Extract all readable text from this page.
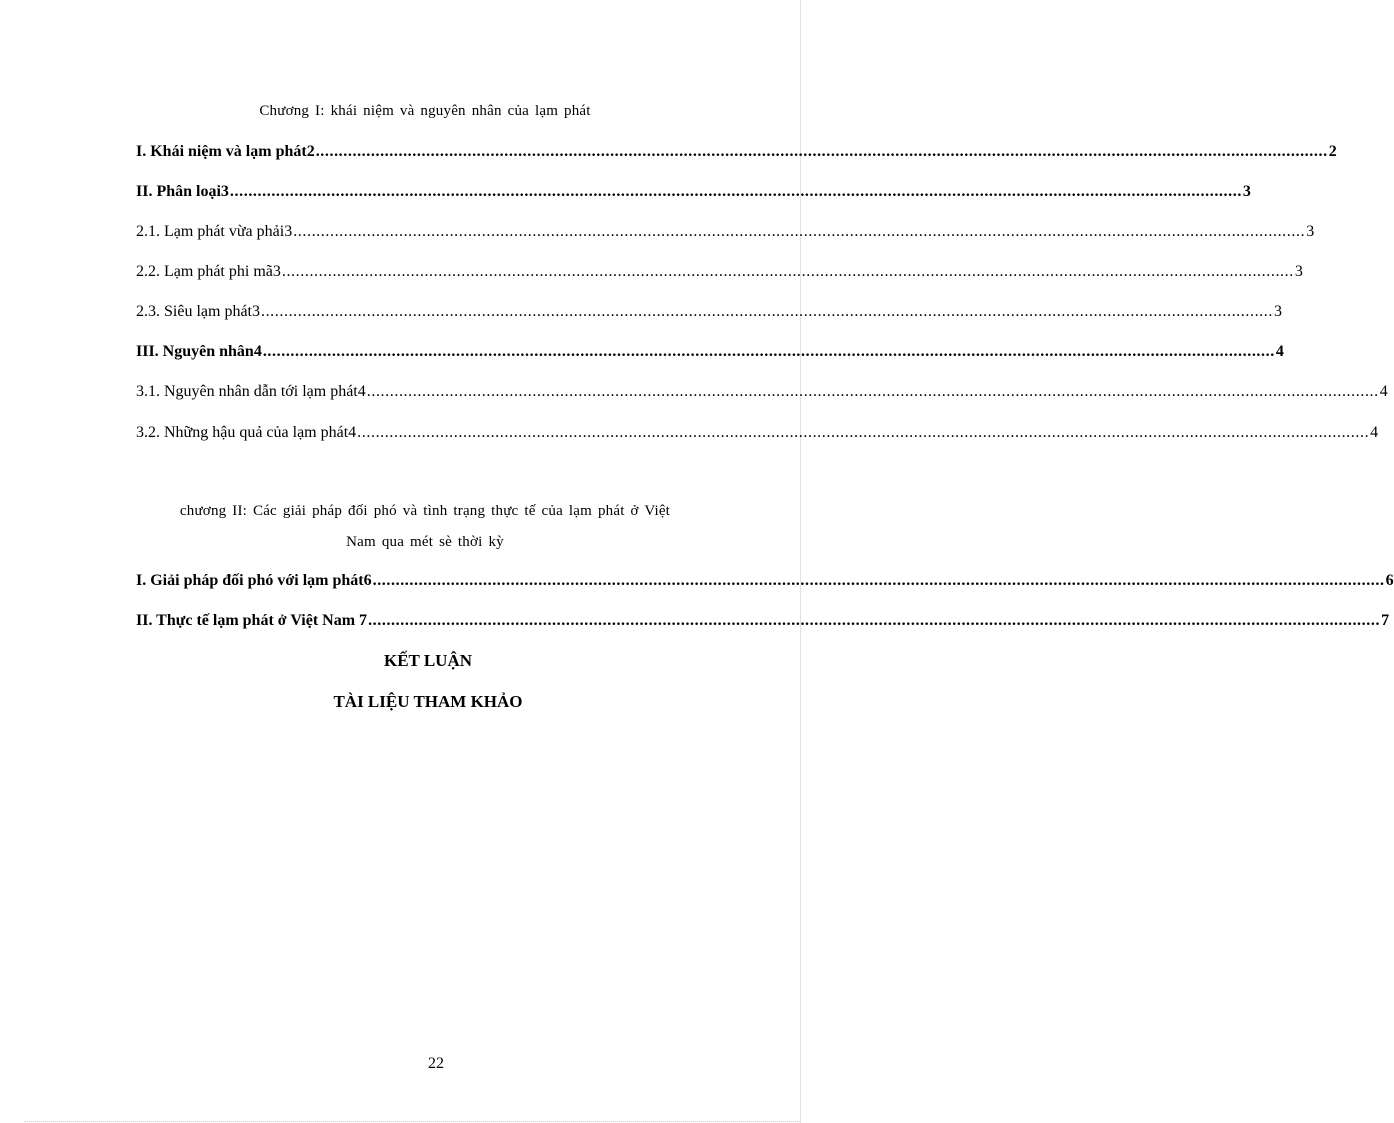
Chương I: khái niệm và nguyên nhân của lạm phát
I. Khái niệm và lạm phát2 ............................................................................................................................................................................................................................ 2
II. Phân loại3 ............................................................................................................................................................................................................................ 3
2.1. Lạm phát vừa phải3 ............................................................................................................................................................................................................................ 3
2.2. Lạm phát phi mã3 ............................................................................................................................................................................................................................ 3
2.3. Siêu lạm phát3 ............................................................................................................................................................................................................................ 3
III. Nguyên nhân4 ............................................................................................................................................................................................................................ 4
3.1. Nguyên nhân dẫn tới lạm phát4 ............................................................................................................................................................................................................................ 4
3.2. Những hậu quả của lạm phát4 ............................................................................................................................................................................................................................ 4
chương II: Các giải pháp đối phó và tình trạng thực tế của lạm phát ở Việt
Nam qua mét sè thời kỳ
I. Giải pháp đối phó với lạm phát6 ............................................................................................................................................................................................................................ 6
II. Thực tế lạm phát ở Việt Nam 7 ............................................................................................................................................................................................................................ 7
KẾT LUẬN
TÀI LIỆU THAM KHẢO
22
